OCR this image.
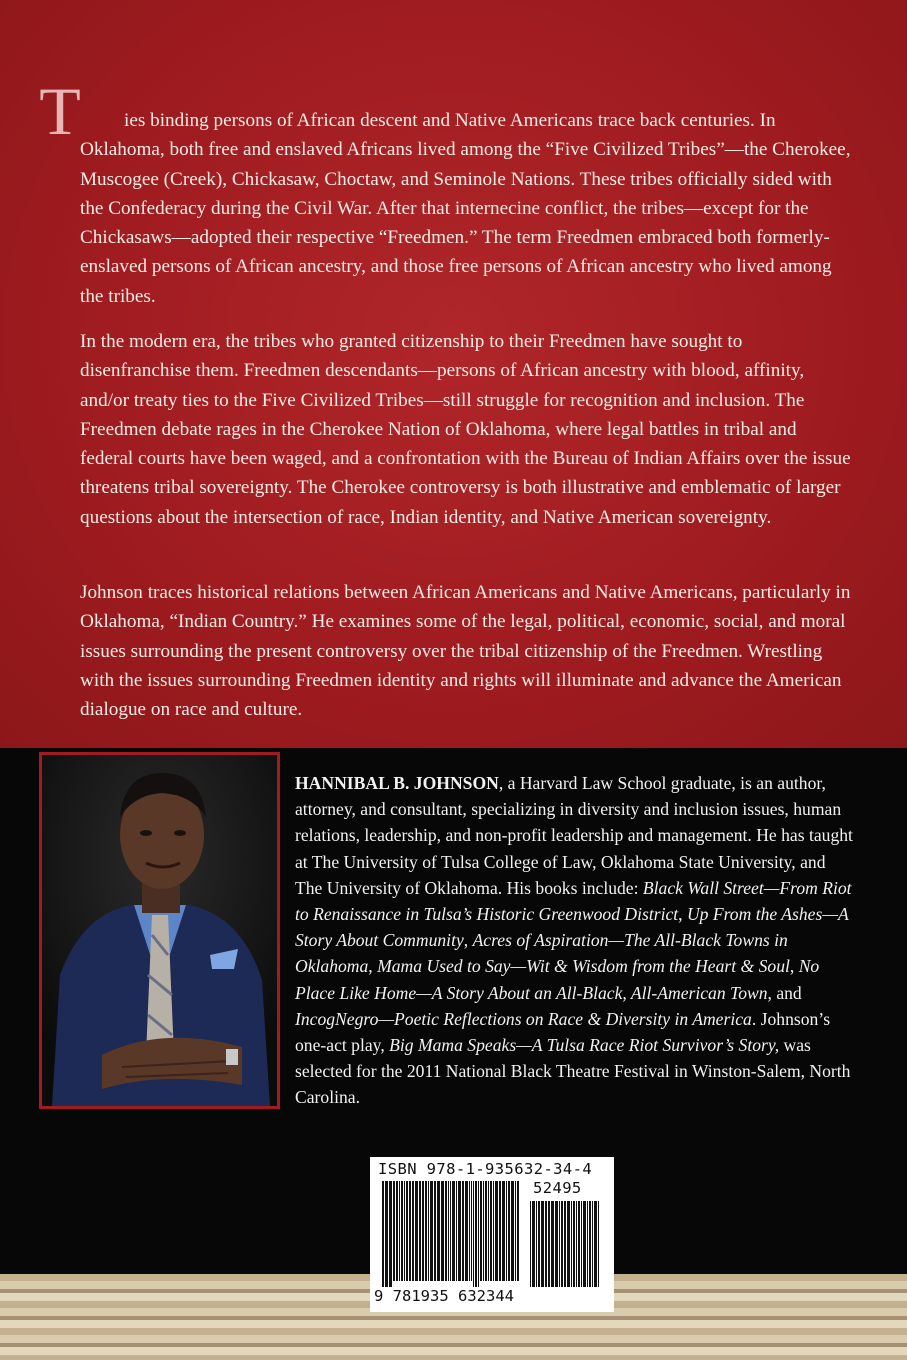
T	ies binding persons of African descent and Native Americans trace back centuries. In Oklahoma, both free and enslaved Africans lived among the “Five Civilized Tribes”—the Cherokee, Muscogee (Creek), Chickasaw, Choctaw, and Seminole Nations. These tribes officially sided with the Confederacy during the Civil War. After that internecine conflict, the tribes—except for the Chickasaws—adopted their respective “Freedmen.” The term Freedmen embraced both formerly-enslaved persons of African ancestry, and those free persons of African ancestry who lived among the tribes.

In the modern era, the tribes who granted citizenship to their Freedmen have sought to disenfranchise them. Freedmen descendants—persons of African ancestry with blood, affinity, and/or treaty ties to the Five Civilized Tribes—still struggle for recognition and inclusion. The Freedmen debate rages in the Cherokee Nation of Oklahoma, where legal battles in tribal and federal courts have been waged, and a confrontation with the Bureau of Indian Affairs over the issue threatens tribal sovereignty. The Cherokee controversy is both illustrative and emblematic of larger questions about the intersection of race, Indian identity, and Native American sovereignty.

Johnson traces historical relations between African Americans and Native Americans, particularly in Oklahoma, “Indian Country.” He examines some of the legal, political, economic, social, and moral issues surrounding the present controversy over the tribal citizenship of the Freedmen. Wrestling with the issues surrounding Freedmen identity and rights will illuminate and advance the American dialogue on race and culture.

HANNIBAL B. JOHNSON, a Harvard Law School graduate, is an author, attorney, and consultant, specializing in diversity and inclusion issues, human relations, leadership, and non-profit leadership and management. He has taught at The University of Tulsa College of Law, Oklahoma State University, and The University of Oklahoma. His books include: Black Wall Street—From Riot to Renaissance in Tulsa’s Historic Greenwood District, Up From the Ashes—A Story About Community, Acres of Aspiration—The All-Black Towns in Oklahoma, Mama Used to Say—Wit & Wisdom from the Heart & Soul, No Place Like Home—A Story About an All-Black, All-American Town, and IncogNegro—Poetic Reflections on Race & Diversity in America. Johnson’s one-act play, Big Mama Speaks—A Tulsa Race Riot Survivor’s Story, was selected for the 2011 National Black Theatre Festival in Winston-Salem, North Carolina.

ISBN 978-1-935632-34-4
52495
9 781935 632344
